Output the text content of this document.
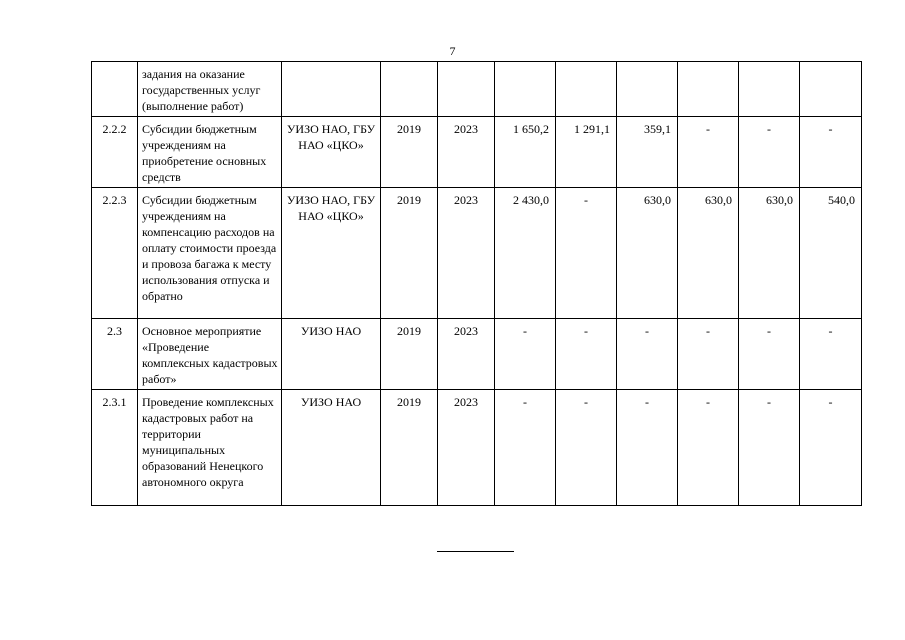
7
	задания на оказание государственных услуг (выполнение работ)									
2.2.2	Субсидии бюджетным учреждениям на приобретение основных средств	УИЗО НАО, ГБУ НАО «ЦКО»	2019	2023	1 650,2	1 291,1	359,1	-	-	-
2.2.3	Субсидии бюджетным учреждениям на компенсацию расходов на оплату стоимости проезда и провоза багажа к месту использования отпуска и обратно	УИЗО НАО, ГБУ НАО «ЦКО»	2019	2023	2 430,0	-	630,0	630,0	630,0	540,0
2.3	Основное мероприятие «Проведение комплексных кадастровых работ»	УИЗО НАО	2019	2023	-	-	-	-	-	-
2.3.1	Проведение комплексных кадастровых работ на территории муниципальных образований Ненецкого автономного округа	УИЗО НАО	2019	2023	-	-	-	-	-	-
